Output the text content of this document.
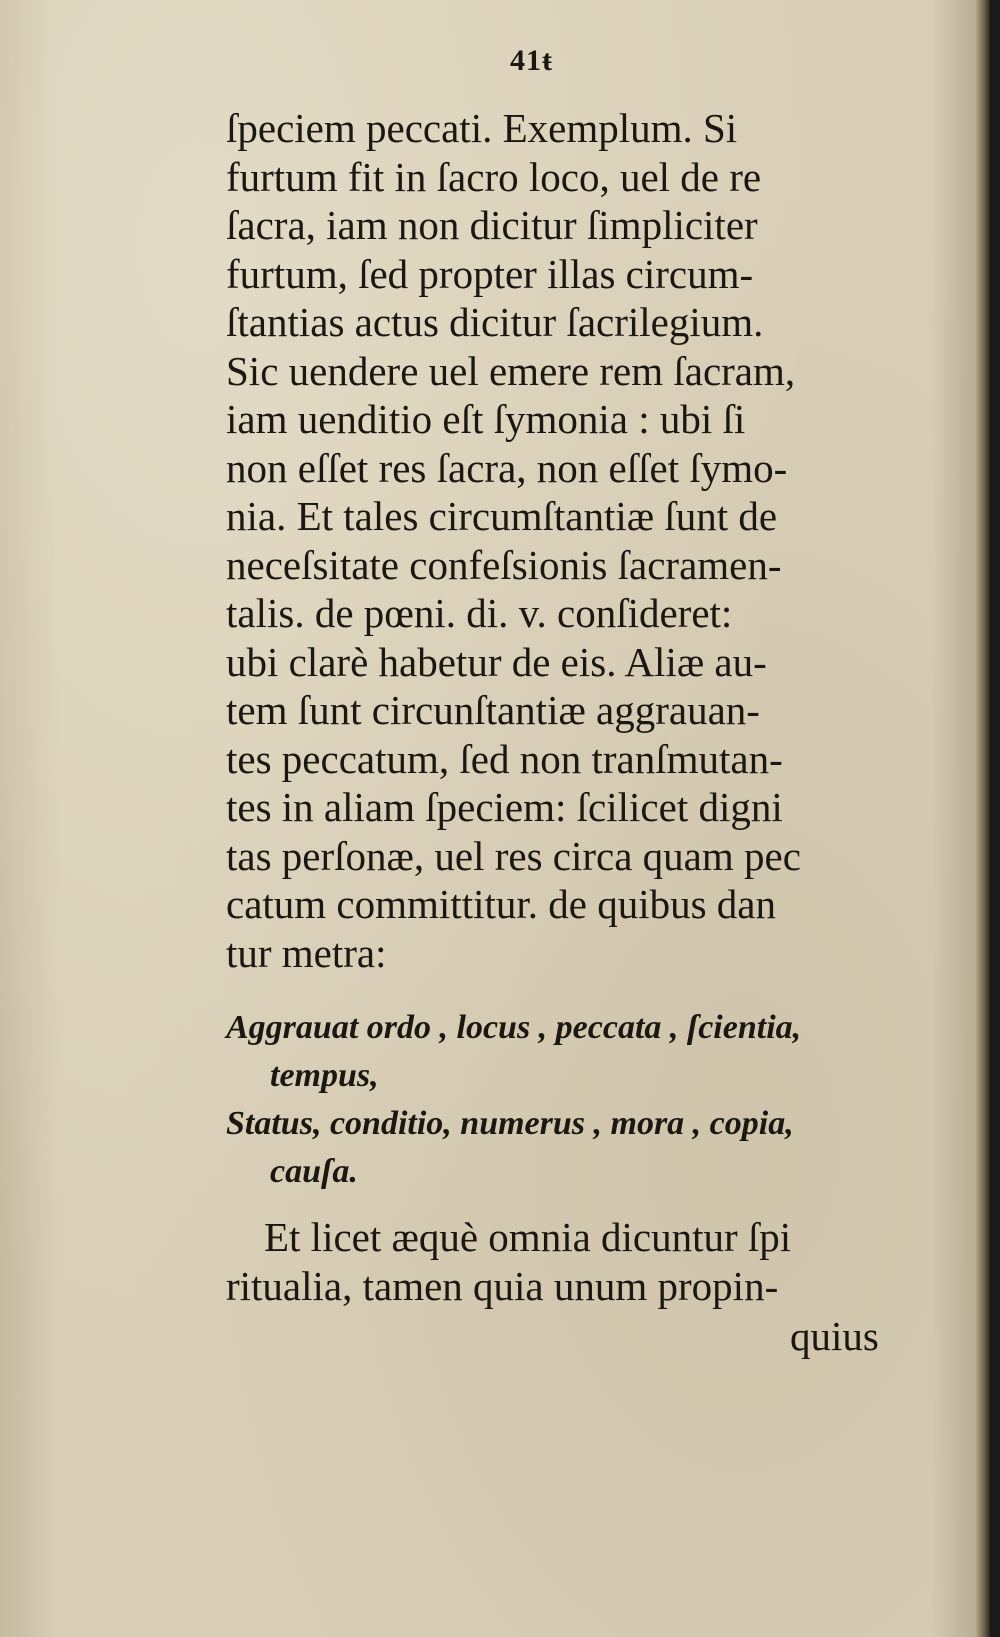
41ŧ
ſpeciem peccati. Exemplum. Si
furtum fit in ſacro loco, uel de re
ſacra, iam non dicitur ſimpliciter
furtum, ſed propter illas circum-
ſtantias actus dicitur ſacrilegium.
Sic uendere uel emere rem ſacram,
iam uenditio eſt ſymonia : ubi ſi
non eſſet res ſacra, non eſſet ſymo-
nia. Et tales circumſtantiæ ſunt de
neceſsitate confeſsionis ſacramen-
talis. de pœni. di. v. conſideret:
ubi clarè habetur de eis. Aliæ au-
tem ſunt circunſtantiæ aggrauan-
tes peccatum, ſed non tranſmutan-
tes in aliam ſpeciem: ſcilicet digni
tas perſonæ, uel res circa quam pec
catum committitur. de quibus dan
tur metra:
Aggrauat ordo , locus , peccata , ſcientia,
tempus,
Status, conditio, numerus , mora , copia,
cauſa.
Et licet æquè omnia dicuntur ſpi
ritualia, tamen quia unum propin-
quius
